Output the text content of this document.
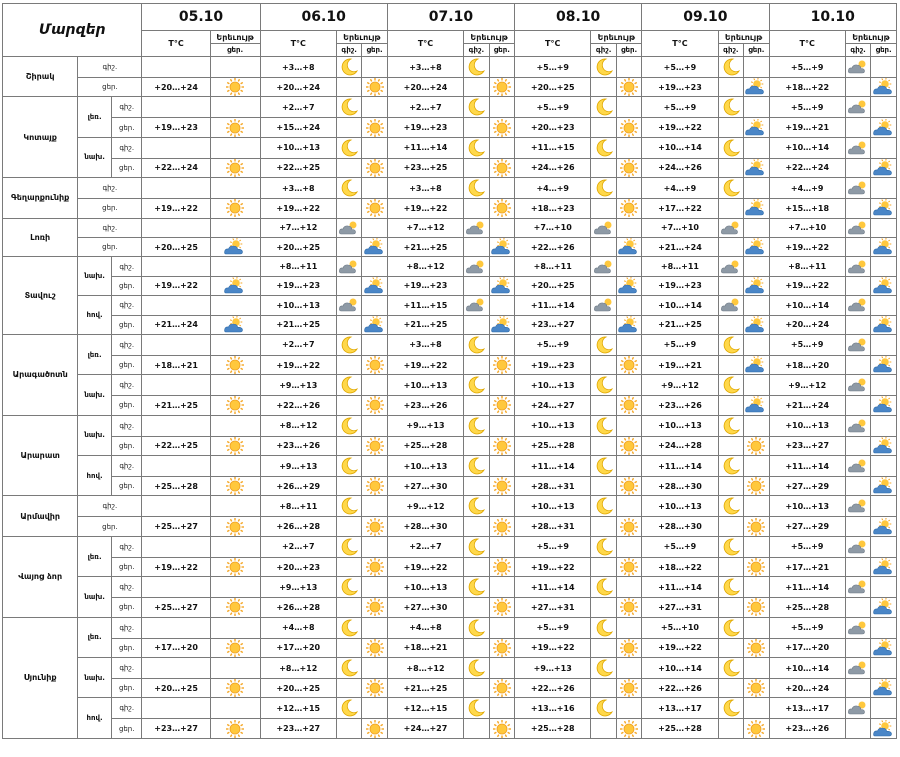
Մարզեր			05.10		06.10			07.10			08.10			09.10			10.10		
			T°C	Երեւույթ	T°C	Երեւույթ		T°C	Երեւույթ		T°C	Երեւույթ		T°C	Երեւույթ		T°C	Երեւույթ	
				ցեր.		գիշ.	ցեր.		գիշ.	ցեր.		գիշ.	ցեր.		գիշ.	ցեր.		գիշ.	ցեր.
Շիրակ	գիշ.				+3…+8			+3…+8			+5…+9			+5…+9			+5…+9	

	ցեր.		+20…+24		+20…+24			+20…+24			+20…+25			+19…+23			+18…+22		

Կոտայք	լեռ.	գիշ.			+2…+7			+2…+7			+5…+9			+5…+9			+5…+9	

		ցեր.	+19…+23		+15…+24			+19…+23			+20…+23			+19…+22			+19…+21		

	նախ.	գիշ.			+10…+13			+11…+14			+11…+15			+10…+14			+10…+14	

		ցեր.	+22…+24		+22…+25			+23…+25			+24…+26			+24…+26			+22…+24		

Գեղարքունիք	գիշ.				+3…+8			+3…+8			+4…+9			+4…+9			+4…+9	

	ցեր.		+19…+22		+19…+22			+19…+22			+18…+23			+17…+22			+15…+18		

Լոռի	գիշ.				+7…+12			+7…+12			+7…+10			+7…+10			+7…+10	

	ցեր.		+20…+25		+20…+25			+21…+25			+22…+26			+21…+24			+19…+22		

Տավուշ	նախ.	գիշ.			+8…+11			+8…+12			+8…+11			+8…+11			+8…+11	

		ցեր.	+19…+22		+19…+23			+19…+23			+20…+25			+19…+23			+19…+22		

	հով.	գիշ.			+10…+13			+11…+15			+11…+14			+10…+14			+10…+14	

		ցեր.	+21…+24		+21…+25			+21…+25			+23…+27			+21…+25			+20…+24		

Արագածոտն	լեռ.	գիշ.			+2…+7			+3…+8			+5…+9			+5…+9			+5…+9	

		ցեր.	+18…+21		+19…+22			+19…+22			+19…+23			+19…+21			+18…+20		

	նախ.	գիշ.			+9…+13			+10…+13			+10…+13			+9…+12			+9…+12	

		ցեր.	+21…+25		+22…+26			+23…+26			+24…+27			+23…+26			+21…+24		

Արարատ	նախ.	գիշ.			+8…+12			+9…+13			+10…+13			+10…+13			+10…+13	

		ցեր.	+22…+25		+23…+26			+25…+28			+25…+28			+24…+28			+23…+27		

	հով.	գիշ.			+9…+13			+10…+13			+11…+14			+11…+14			+11…+14	

		ցեր.	+25…+28		+26…+29			+27…+30			+28…+31			+28…+30			+27…+29		

Արմավիր	գիշ.				+8…+11			+9…+12			+10…+13			+10…+13			+10…+13	

	ցեր.		+25…+27		+26…+28			+28…+30			+28…+31			+28…+30			+27…+29		

Վայոց ձոր	լեռ.	գիշ.			+2…+7			+2…+7			+5…+9			+5…+9			+5…+9	

		ցեր.	+19…+22		+20…+23			+19…+22			+19…+22			+18…+22			+17…+21		

	նախ.	գիշ.			+9…+13			+10…+13			+11…+14			+11…+14			+11…+14	

		ցեր.	+25…+27		+26…+28			+27…+30			+27…+31			+27…+31			+25…+28		

Սյունիք	լեռ.	գիշ.			+4…+8			+4…+8			+5…+9			+5…+10			+5…+9	

		ցեր.	+17…+20		+17…+20			+18…+21			+19…+22			+19…+22			+17…+20		

	նախ.	գիշ.			+8…+12			+8…+12			+9…+13			+10…+14			+10…+14	

		ցեր.	+20…+25		+20…+25			+21…+25			+22…+26			+22…+26			+20…+24		

	հով.	գիշ.			+12…+15			+12…+15			+13…+16			+13…+17			+13…+17	

		ցեր.	+23…+27		+23…+27			+24…+27			+25…+28			+25…+28			+23…+26		
